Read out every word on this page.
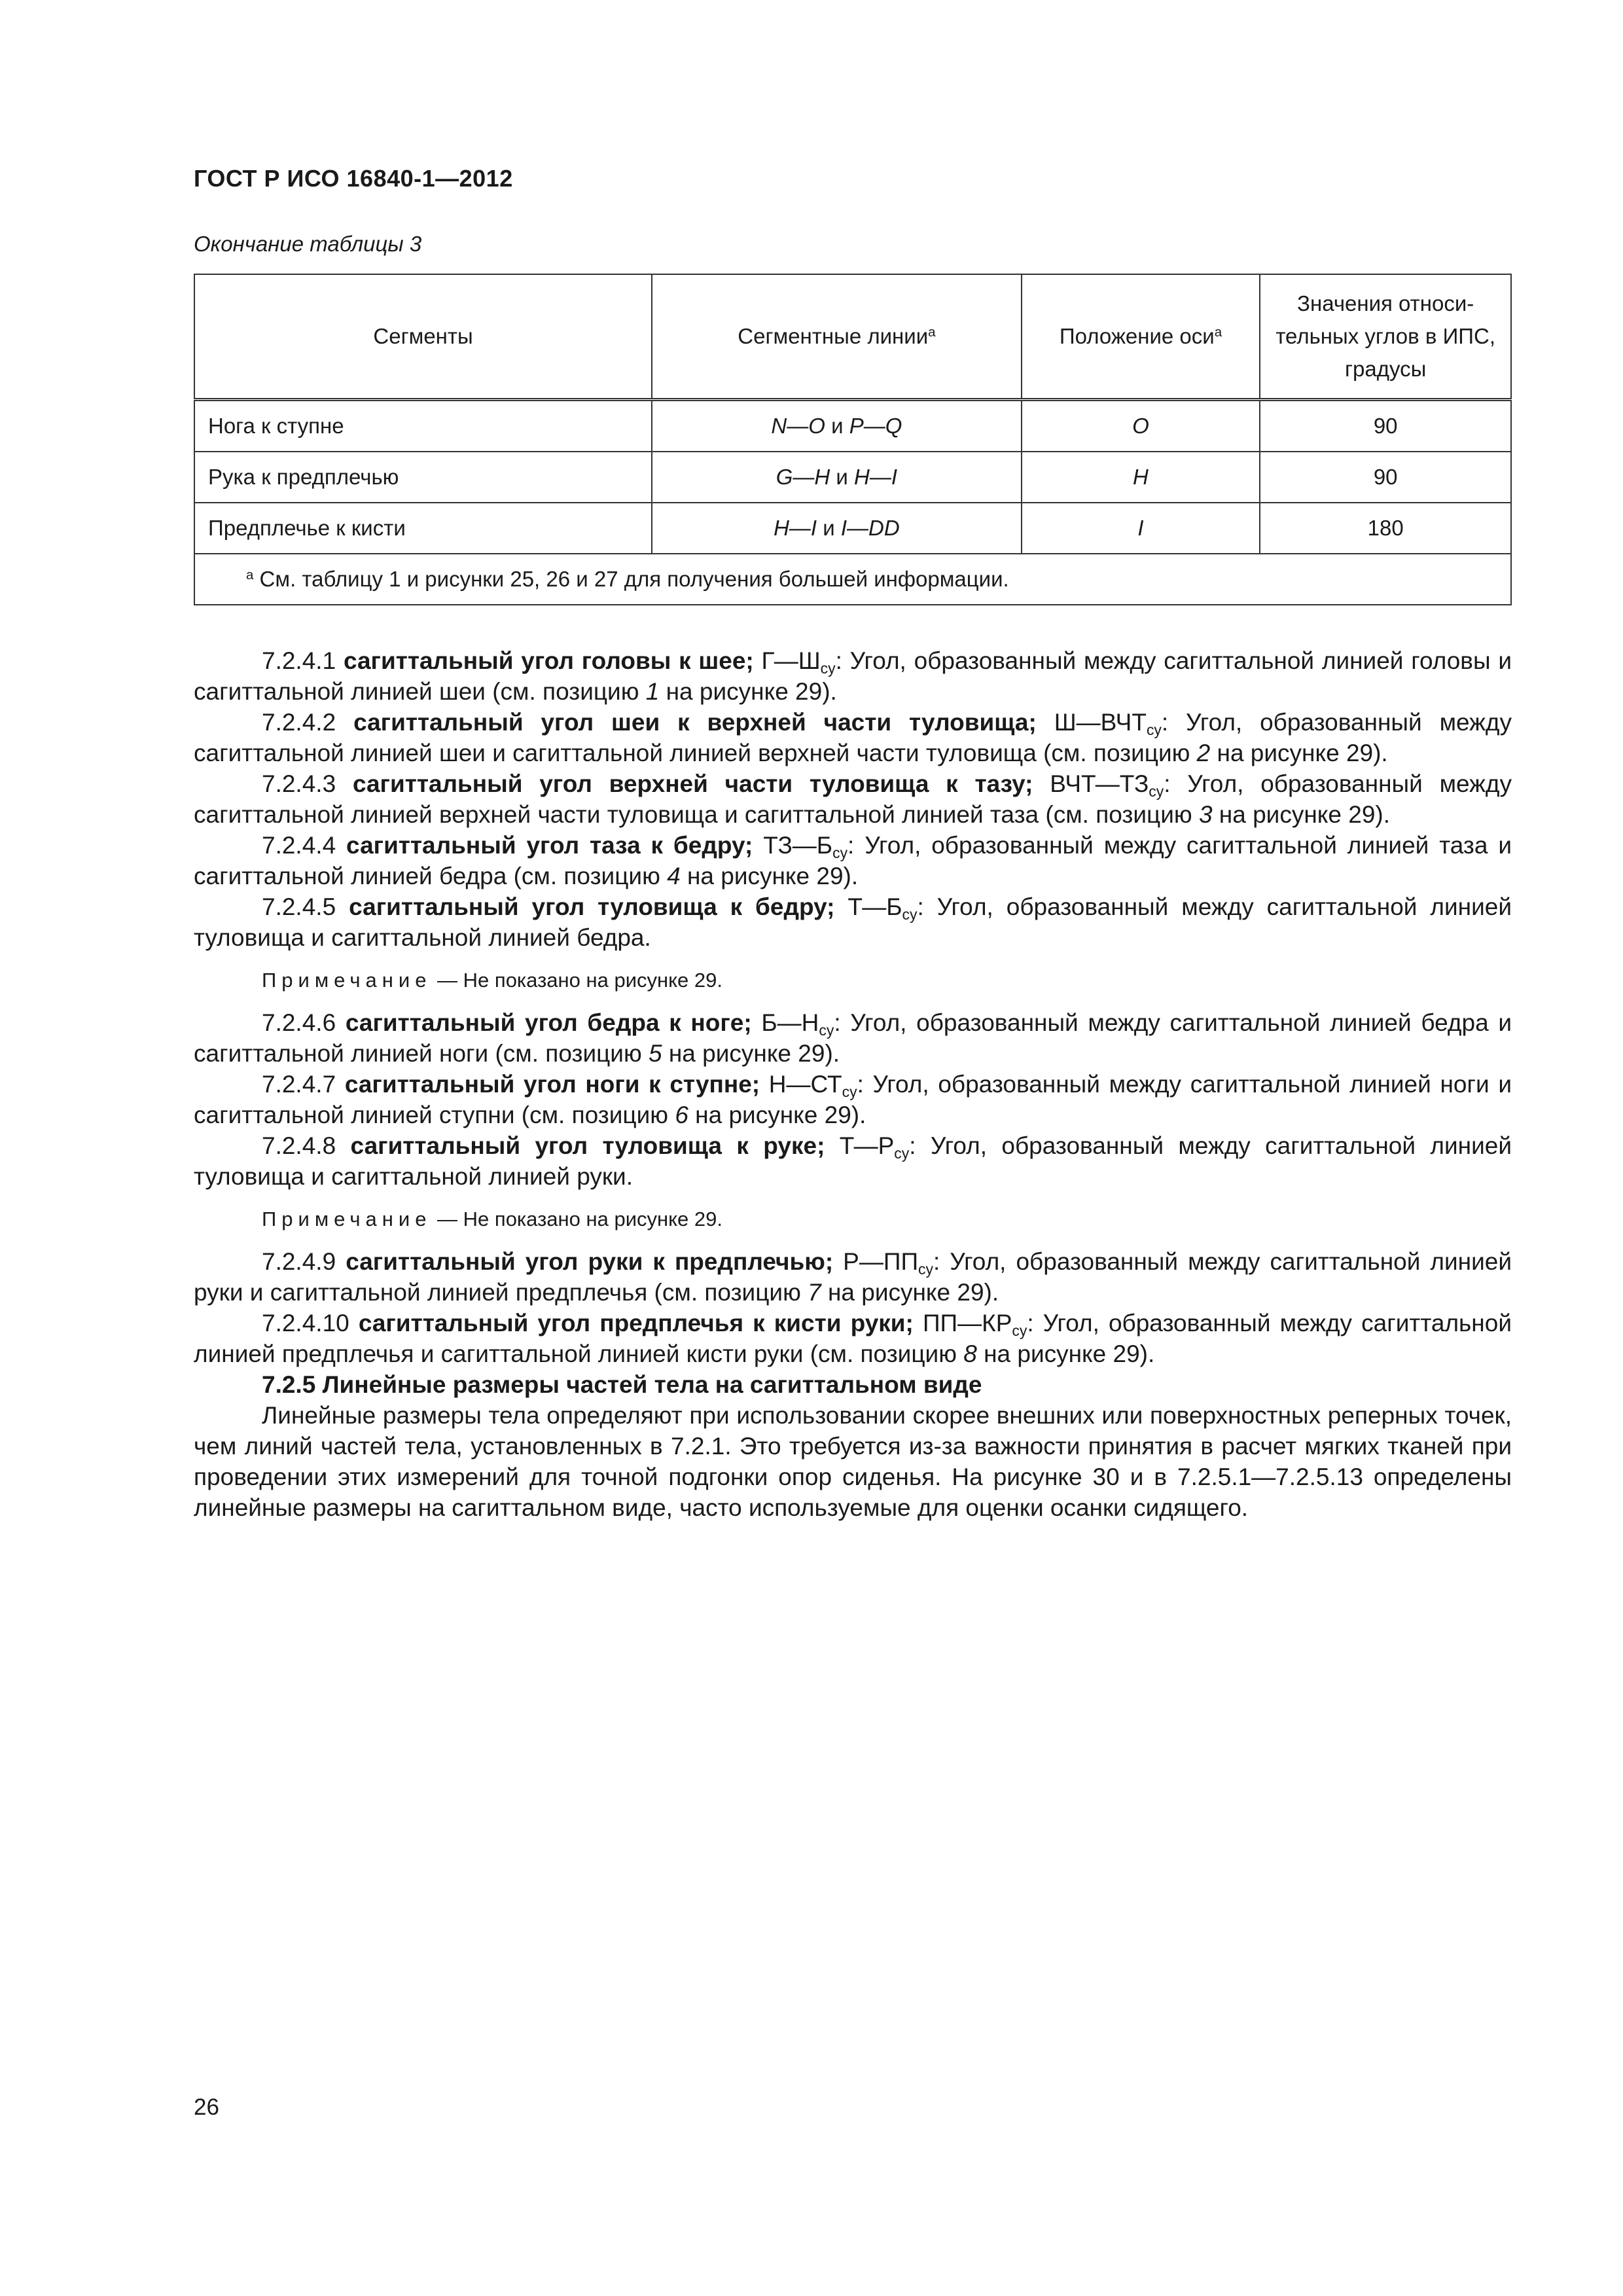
ГОСТ Р ИСО 16840-1—2012
Окончание таблицы 3
Сегменты	Сегментные линии$^a$	Положение оси$^a$	Значения относи-
тельных углов в ИПС,
градусы
Нога к ступне	N—O и P—Q	O	90
Рука к предплечью	G—H и H—I	H	90
Предплечье к кисти	H—I и I—DD	I	180
$^a$ См. таблицу 1 и рисунки 25, 26 и 27 для получения большей информации.			

7.2.4.1 сагиттальный угол головы к шее; $Г—Ш_{су}$: Угол, образованный между сагиттальной линией головы и сагиттальной линией шеи (см. позицию 1 на рисунке 29).

7.2.4.2 сагиттальный угол шеи к верхней части туловища; $Ш—ВЧТ_{су}$: Угол, образованный между сагиттальной линией шеи и сагиттальной линией верхней части туловища (см. позицию 2 на рисунке 29).

7.2.4.3 сагиттальный угол верхней части туловища к тазу; $ВЧТ—ТЗ_{су}$: Угол, образованный между сагиттальной линией верхней части туловища и сагиттальной линией таза (см. позицию 3 на рисунке 29).

7.2.4.4 сагиттальный угол таза к бедру; $ТЗ—Б_{су}$: Угол, образованный между сагиттальной линией таза и сагиттальной линией бедра (см. позицию 4 на рисунке 29).

7.2.4.5 сагиттальный угол туловища к бедру; $Т—Б_{су}$: Угол, образованный между сагиттальной линией туловища и сагиттальной линией бедра.

Примечание — Не показано на рисунке 29.

7.2.4.6 сагиттальный угол бедра к ноге; $Б—Н_{су}$: Угол, образованный между сагиттальной линией бедра и сагиттальной линией ноги (см. позицию 5 на рисунке 29).

7.2.4.7 сагиттальный угол ноги к ступне; $Н—СТ_{су}$: Угол, образованный между сагиттальной линией ноги и сагиттальной линией ступни (см. позицию 6 на рисунке 29).

7.2.4.8 сагиттальный угол туловища к руке; $Т—Р_{су}$: Угол, образованный между сагиттальной линией туловища и сагиттальной линией руки.

Примечание — Не показано на рисунке 29.

7.2.4.9 сагиттальный угол руки к предплечью; $Р—ПП_{су}$: Угол, образованный между сагиттальной линией руки и сагиттальной линией предплечья (см. позицию 7 на рисунке 29).

7.2.4.10 сагиттальный угол предплечья к кисти руки; $ПП—КР_{су}$: Угол, образованный между сагиттальной линией предплечья и сагиттальной линией кисти руки (см. позицию 8 на рисунке 29).

7.2.5 Линейные размеры частей тела на сагиттальном виде

Линейные размеры тела определяют при использовании скорее внешних или поверхностных реперных точек, чем линий частей тела, установленных в 7.2.1. Это требуется из-за важности принятия в расчет мягких тканей при проведении этих измерений для точной подгонки опор сиденья. На рисунке 30 и в 7.2.5.1—7.2.5.13 определены линейные размеры на сагиттальном виде, часто используемые для оценки осанки сидящего.

26
